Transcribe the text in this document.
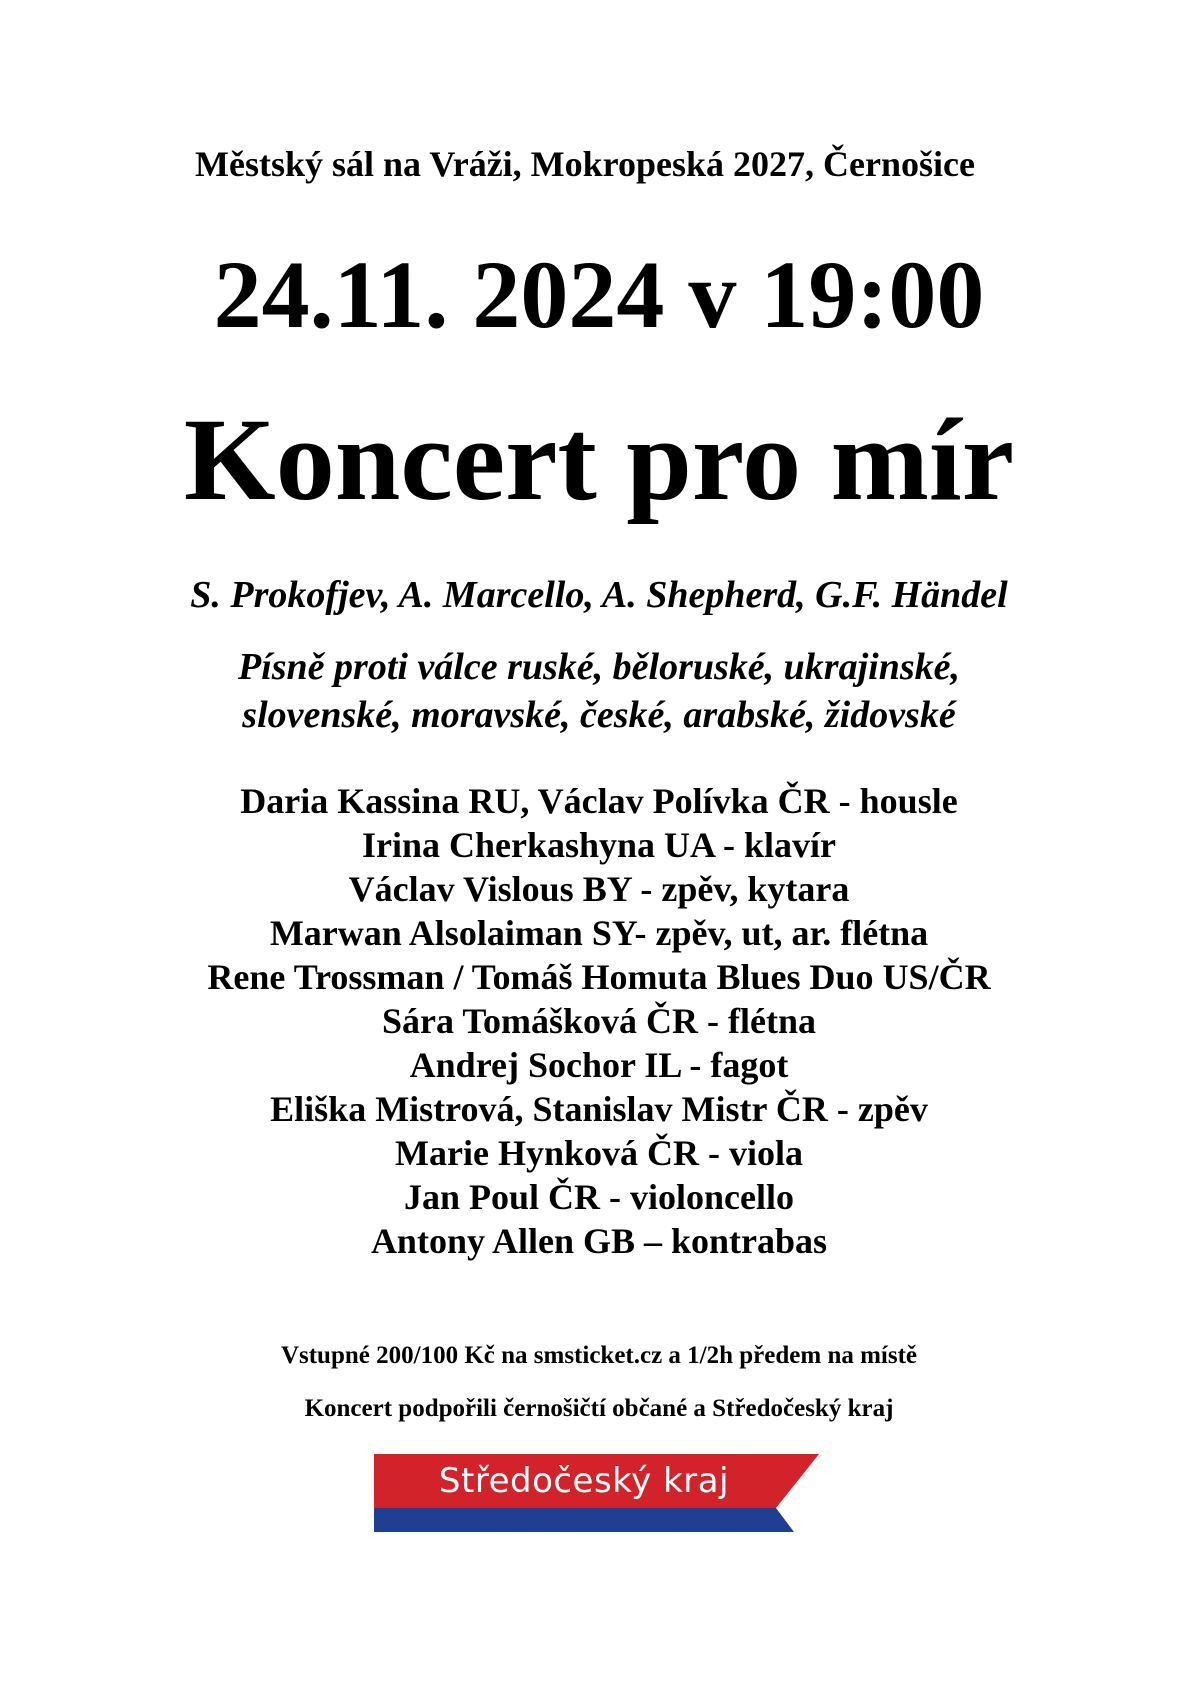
Městský sál na Vráži, Mokropeská 2027, Černošice
24.11. 2024 v 19:00
Koncert pro mír
S. Prokofjev, A. Marcello, A. Shepherd, G.F. Händel
Písně proti válce ruské, běloruské, ukrajinské,
slovenské, moravské, české, arabské, židovské
Daria Kassina RU, Václav Polívka ČR - housle
Irina Cherkashyna UA - klavír
Václav Vislous BY - zpěv, kytara
Marwan Alsolaiman SY- zpěv, ut, ar. flétna
Rene Trossman / Tomáš Homuta Blues Duo US/ČR
Sára Tomášková ČR - flétna
Andrej Sochor IL - fagot
Eliška Mistrová, Stanislav Mistr ČR - zpěv
Marie Hynková ČR - viola
Jan Poul ČR - violoncello
Antony Allen GB – kontrabas
Vstupné 200/100 Kč na smsticket.cz a 1/2h předem na místě
Koncert podpořili černošičtí občané a Středočeský kraj
Středočeský kraj
